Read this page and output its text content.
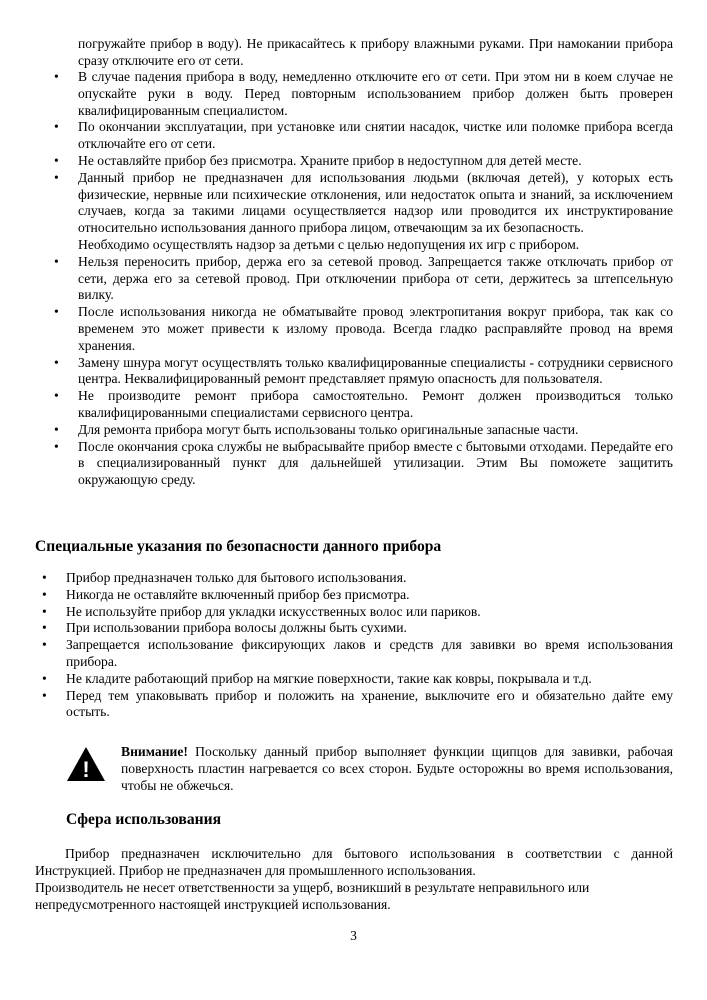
погружайте прибор в воду). Не прикасайтесь к прибору влажными руками. При намокании прибора сразу отключите его от сети.

• В случае падения прибора в воду, немедленно отключите его от сети. При этом ни в коем случае не опускайте руки в воду. Перед повторным использованием прибор должен быть проверен квалифицированным специалистом.
• По окончании эксплуатации, при установке или снятии насадок, чистке или поломке прибора всегда отключайте его от сети.
• Не оставляйте прибор без присмотра. Храните прибор в недоступном для детей месте.
• Данный прибор не предназначен для использования людьми (включая детей), у которых есть физические, нервные или психические отклонения, или недостаток опыта и знаний, за исключением случаев, когда за такими лицами осуществляется надзор или проводится их инструктирование относительно использования данного прибора лицом, отвечающим за их безопасность.
Необходимо осуществлять надзор за детьми с целью недопущения их игр с прибором.
• Нельзя переносить прибор, держа его за сетевой провод. Запрещается также отключать прибор от сети, держа его за сетевой провод. При отключении прибора от сети, держитесь за штепсельную вилку.
• После использования никогда не обматывайте провод электропитания вокруг прибора, так как со временем это может привести к излому провода. Всегда гладко расправляйте провод на время хранения.
• Замену шнура могут осуществлять только квалифицированные специалисты - сотрудники сервисного центра. Неквалифицированный ремонт представляет прямую опасность для пользователя.
• Не производите ремонт прибора самостоятельно. Ремонт должен производиться только квалифицированными специалистами сервисного центра.
• Для ремонта прибора могут быть использованы только оригинальные запасные части.
• После окончания срока службы не выбрасывайте прибор вместе с бытовыми отходами. Передайте его в специализированный пункт для дальнейшей утилизации. Этим Вы поможете защитить окружающую среду.
Специальные указания по безопасности данного прибора
• Прибор предназначен только для бытового использования.
• Никогда не оставляйте включенный прибор без присмотра.
• Не используйте прибор для укладки искусственных волос или париков.
• При использовании прибора волосы должны быть сухими.
• Запрещается использование фиксирующих лаков и средств для завивки во время использования прибора.
• Не кладите работающий прибор на мягкие поверхности, такие как ковры, покрывала и т.д.
• Перед тем упаковывать прибор и положить на хранение, выключите его и обязательно дайте ему остыть.
!

Внимание! Поскольку данный прибор выполняет функции щипцов для завивки, рабочая поверхность пластин нагревается со всех сторон. Будьте осторожны во время использования, чтобы не обжечься.

Сфера использования

Прибор предназначен исключительно для бытового использования в соответствии с данной Инструкцией. Прибор не предназначен для промышленного использования.

Производитель не несет ответственности за ущерб, возникший в результате неправильного или непредусмотренного настоящей инструкцией использования.

3
